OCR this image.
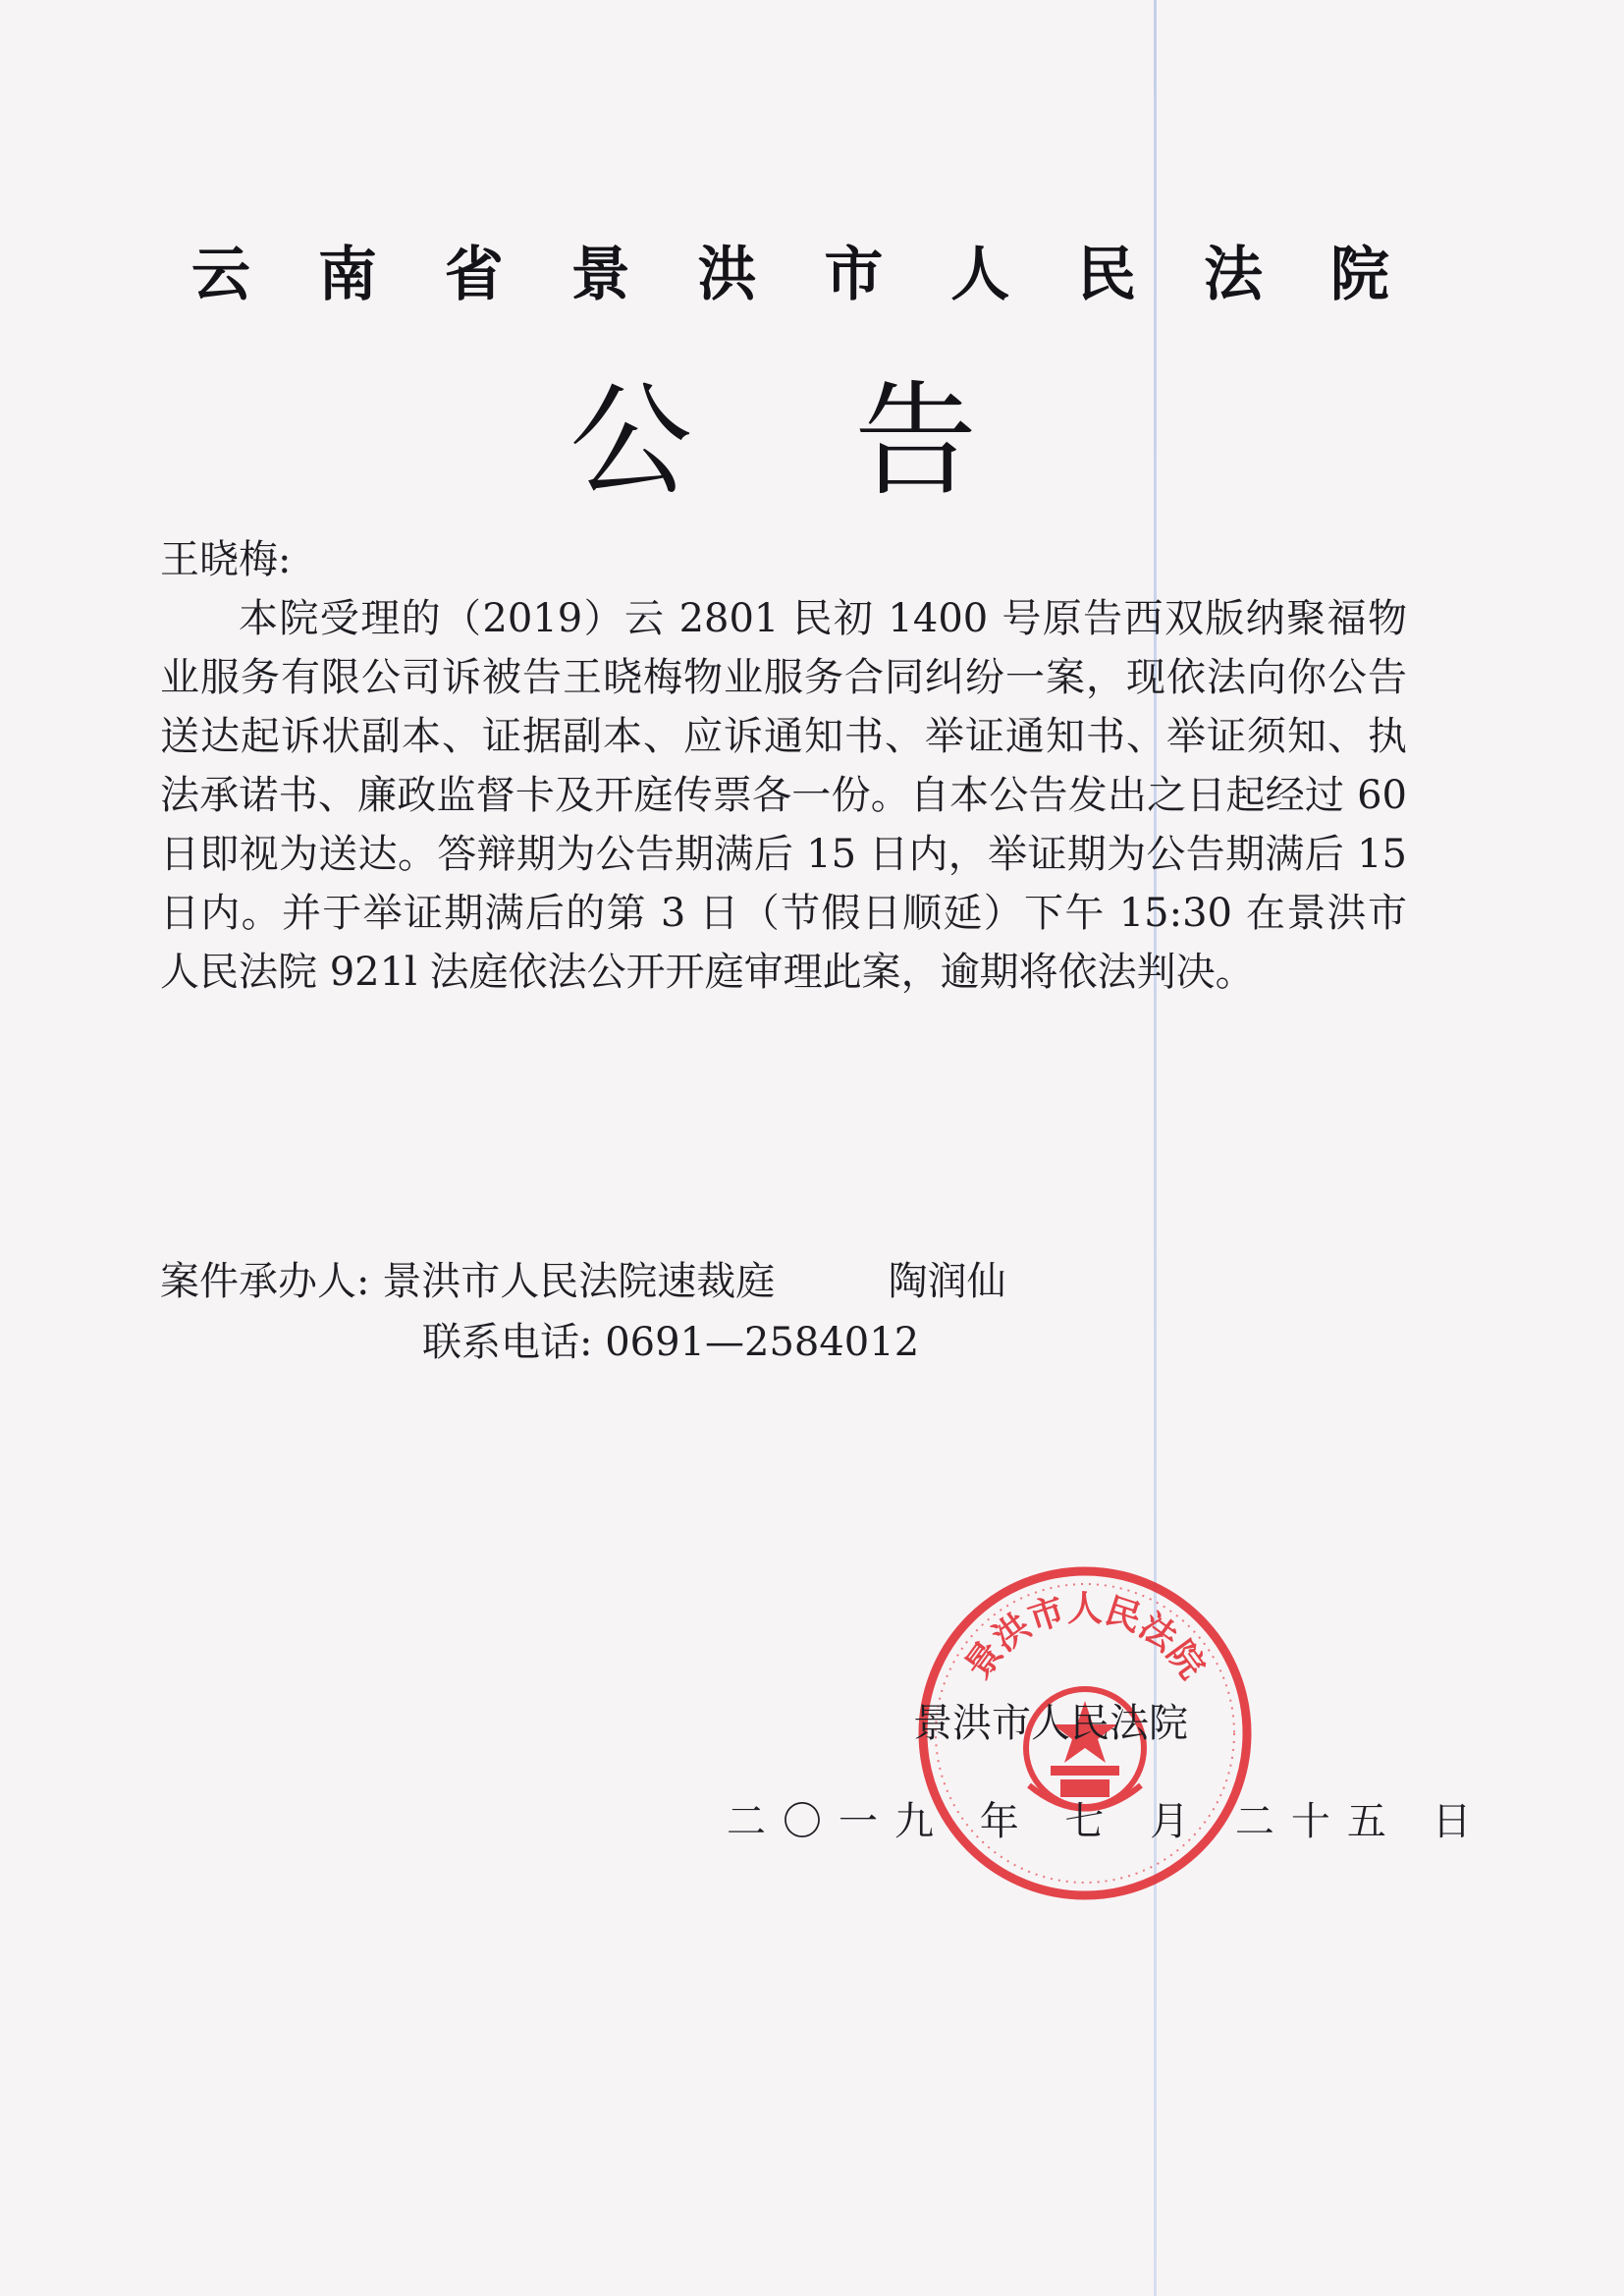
云 南 省 景 洪 市 人 民 法 院
公告
王晓梅:
本院受理的（2019）云 2801 民初 1400 号原告西双版纳聚福物业服务有限公司诉被告王晓梅物业服务合同纠纷一案，现依法向你公告送达起诉状副本、证据副本、应诉通知书、举证通知书、举证须知、执法承诺书、廉政监督卡及开庭传票各一份。自本公告发出之日起经过 60 日即视为送达。答辩期为公告期满后 15 日内，举证期为公告期满后 15 日内。并于举证期满后的第 3 日（节假日顺延）下午 15:30 在景洪市人民法院 921l 法庭依法公开开庭审理此案，逾期将依法判决。
案件承办人: 景洪市人民法院速裁庭	陶润仙
联系电话: 0691—2584012
景洪市人民法院
景洪市人民法院
二〇一九 年 七 月 二十五 日
